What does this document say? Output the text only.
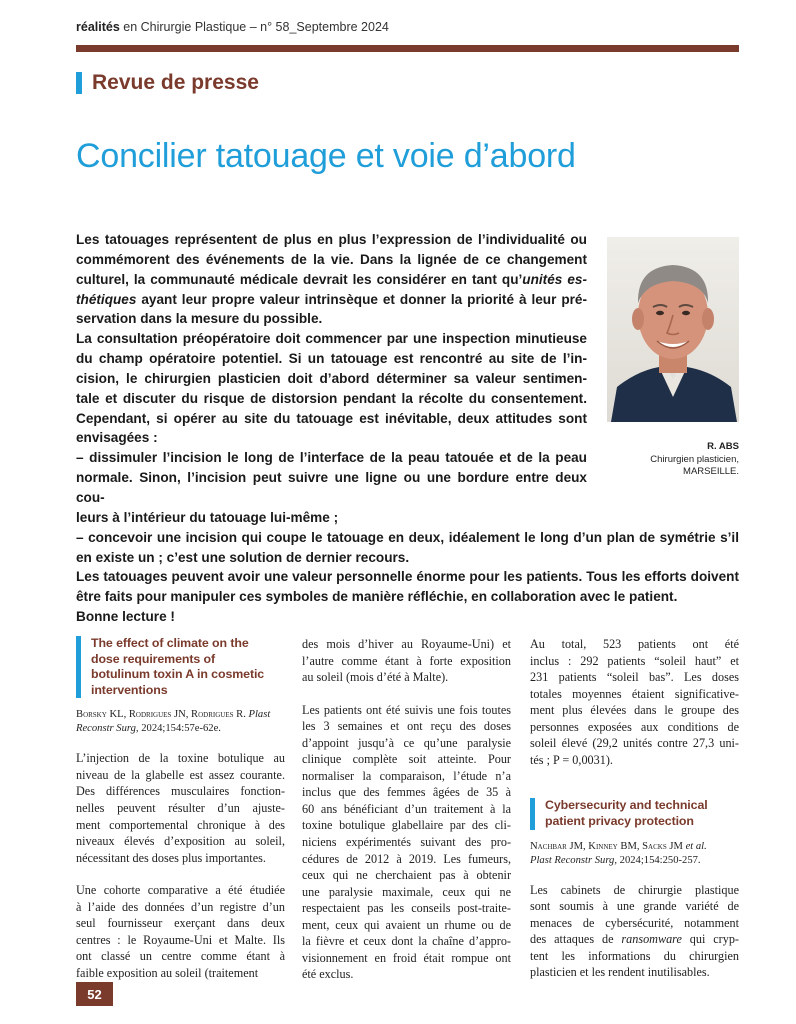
réalités en Chirurgie Plastique – n° 58_Septembre 2024
Revue de presse
Concilier tatouage et voie d’abord
Les tatouages représentent de plus en plus l’expression de l’individualité ou
commémorent des événements de la vie. Dans la lignée de ce changement
culturel, la communauté médicale devrait les considérer en tant qu’unités es-
thétiques ayant leur propre valeur intrinsèque et donner la priorité à leur pré-
servation dans la mesure du possible.
La consultation préopératoire doit commencer par une inspection minutieuse
du champ opératoire potentiel. Si un tatouage est rencontré au site de l’in-
cision, le chirurgien plasticien doit d’abord déterminer sa valeur sentimen-
tale et discuter du risque de distorsion pendant la récolte du consentement.
Cependant, si opérer au site du tatouage est inévitable, deux attitudes sont
envisagées :
– dissimuler l’incision le long de l’interface de la peau tatouée et de la peau
normale. Sinon, l’incision peut suivre une ligne ou une bordure entre deux cou-
leurs à l’intérieur du tatouage lui-même ;
– concevoir une incision qui coupe le tatouage en deux, idéalement le long d’un plan de symétrie s’il
en existe un ; c’est une solution de dernier recours.
Les tatouages peuvent avoir une valeur personnelle énorme pour les patients. Tous les efforts doivent
être faits pour manipuler ces symboles de manière réfléchie, en collaboration avec le patient.
Bonne lecture !
R. ABS
Chirurgien plasticien,
MARSEILLE.
The effect of climate on the
dose requirements of
botulinum toxin A in cosmetic
interventions
Borsky KL, Rodrigues JN, Rodrigues R. Plast
Reconstr Surg, 2024;154:57e-62e.
L’injection de la toxine botulique au
niveau de la glabelle est assez courante.
Des différences musculaires fonction-
nelles peuvent résulter d’un ajuste-
ment comportemental chronique à des
niveaux élevés d’exposition au soleil,
nécessitant des doses plus importantes.
Une cohorte comparative a été étudiée
à l’aide des données d’un registre d’un
seul fournisseur exerçant dans deux
centres : le Royaume-Uni et Malte. Ils
ont classé un centre comme étant à
faible exposition au soleil (traitement
des mois d’hiver au Royaume-Uni) et
l’autre comme étant à forte exposition
au soleil (mois d’été à Malte).
Les patients ont été suivis une fois toutes
les 3 semaines et ont reçu des doses
d’appoint jusqu’à ce qu’une paralysie
clinique complète soit atteinte. Pour
normaliser la comparaison, l’étude n’a
inclus que des femmes âgées de 35 à
60 ans bénéficiant d’un traitement à la
toxine botulique glabellaire par des cli-
niciens expérimentés suivant des pro-
cédures de 2012 à 2019. Les fumeurs,
ceux qui ne cherchaient pas à obtenir
une paralysie maximale, ceux qui ne
respectaient pas les conseils post-traite-
ment, ceux qui avaient un rhume ou de
la fièvre et ceux dont la chaîne d’appro-
visionnement en froid était rompue ont
été exclus.
Au total, 523 patients ont été
inclus : 292 patients “soleil haut” et
231 patients “soleil bas”. Les doses
totales moyennes étaient significative-
ment plus élevées dans le groupe des
personnes exposées aux conditions de
soleil élevé (29,2 unités contre 27,3 uni-
tés ; P = 0,0031).
Cybersecurity and technical
patient privacy protection
Nachbar JM, Kinney BM, Sacks JM et al.
Plast Reconstr Surg, 2024;154:250-257.
Les cabinets de chirurgie plastique
sont soumis à une grande variété de
menaces de cybersécurité, notamment
des attaques de ransomware qui cryp-
tent les informations du chirurgien
plasticien et les rendent inutilisables.
52
